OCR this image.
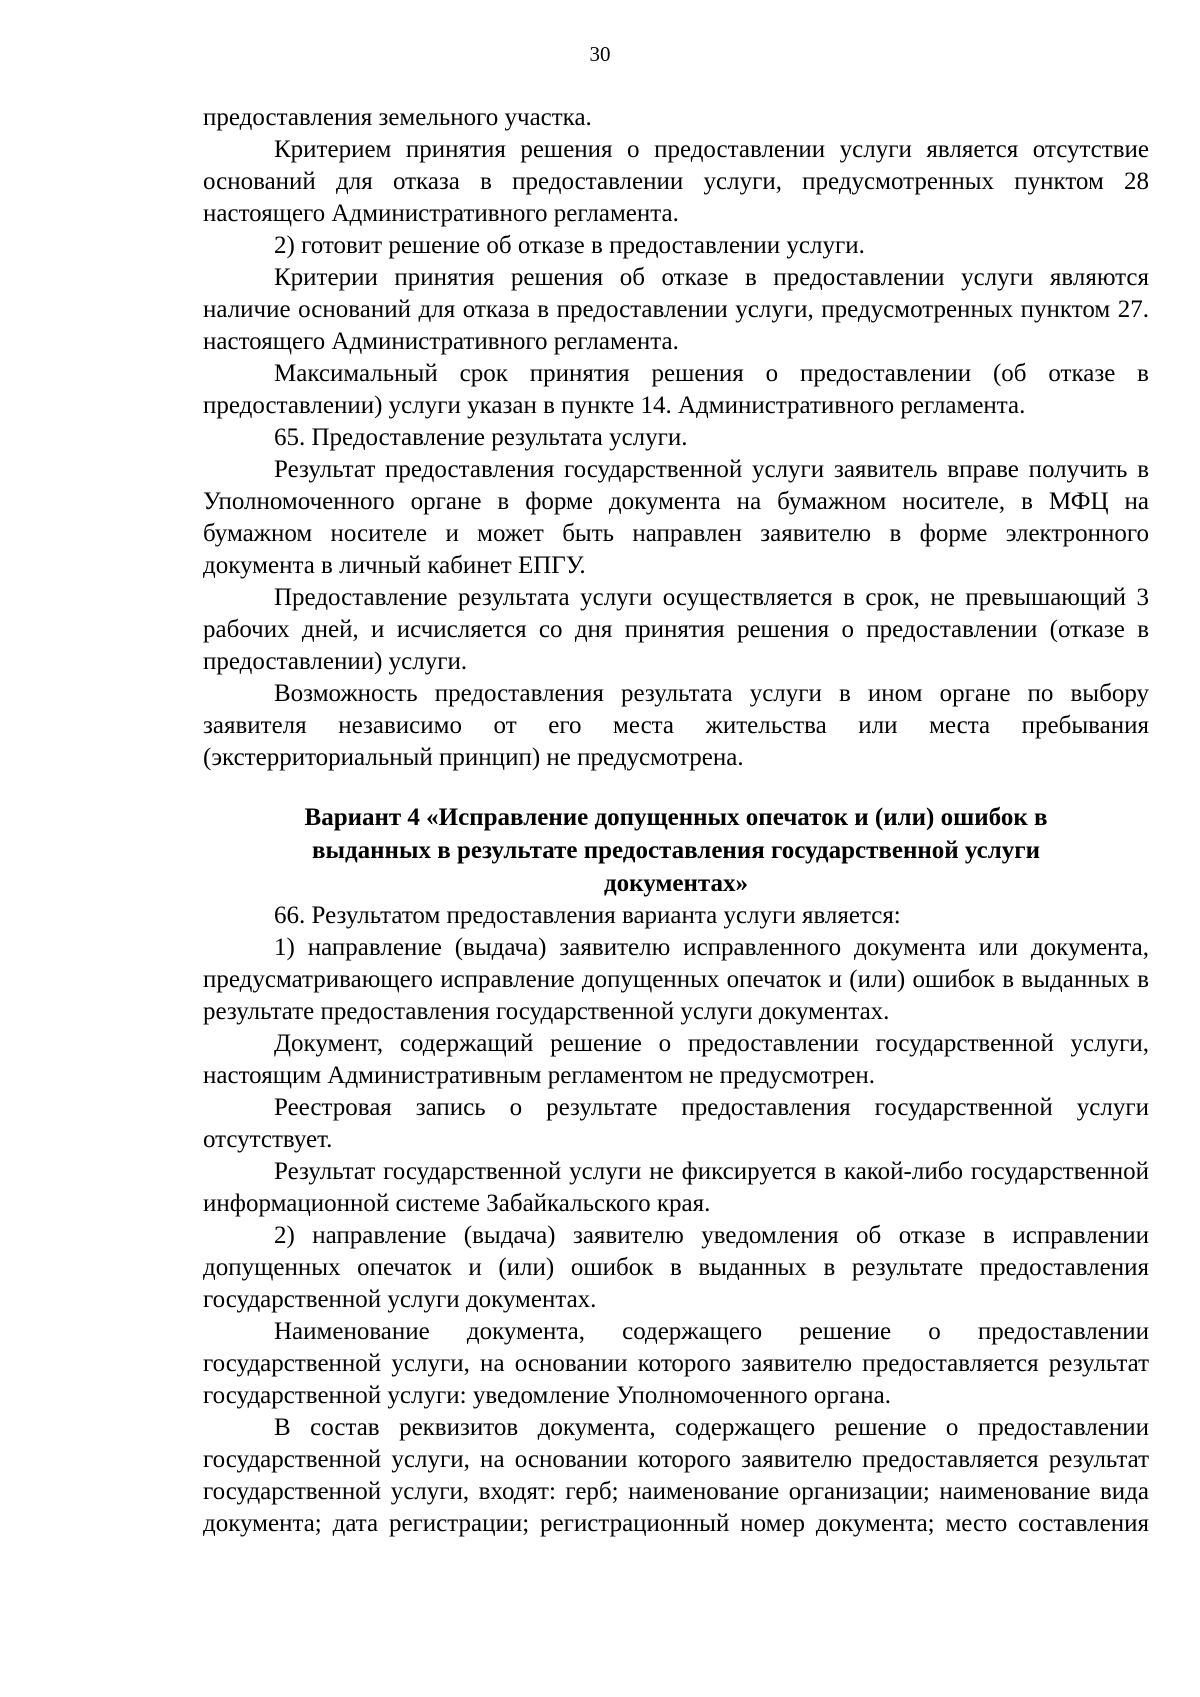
30

предоставления земельного участка.

Критерием принятия решения о предоставлении услуги является отсутствие оснований для отказа в предоставлении услуги, предусмотренных пунктом 28 настоящего Административного регламента.

2) готовит решение об отказе в предоставлении услуги.

Критерии принятия решения об отказе в предоставлении услуги являются наличие оснований для отказа в предоставлении услуги, предусмотренных пунктом 27. настоящего Административного регламента.

Максимальный срок принятия решения о предоставлении (об отказе в предоставлении) услуги указан в пункте 14. Административного регламента.

65. Предоставление результата услуги.

Результат предоставления государственной услуги заявитель вправе получить в Уполномоченного органе в форме документа на бумажном носителе, в МФЦ на бумажном носителе и может быть направлен заявителю в форме электронного документа в личный кабинет ЕПГУ.

Предоставление результата услуги осуществляется в срок, не превышающий 3 рабочих дней, и исчисляется со дня принятия решения о предоставлении (отказе в предоставлении) услуги.

Возможность предоставления результата услуги в ином органе по выбору заявителя независимо от его места жительства или места пребывания (экстерриториальный принцип) не предусмотрена.

Вариант 4 «Исправление допущенных опечаток и (или) ошибок в
выданных в результате предоставления государственной услуги
документах»

66. Результатом предоставления варианта услуги является:

1) направление (выдача) заявителю исправленного документа или документа, предусматривающего исправление допущенных опечаток и (или) ошибок в выданных в результате предоставления государственной услуги документах.

Документ, содержащий решение о предоставлении государственной услуги, настоящим Административным регламентом не предусмотрен.

Реестровая запись о результате предоставления государственной услуги отсутствует.

Результат государственной услуги не фиксируется в какой-либо государственной информационной системе Забайкальского края.

2) направление (выдача) заявителю уведомления об отказе в исправлении допущенных опечаток и (или) ошибок в выданных в результате предоставления государственной услуги документах.

Наименование документа, содержащего решение о предоставлении государственной услуги, на основании которого заявителю предоставляется результат государственной услуги: уведомление Уполномоченного органа.

В состав реквизитов документа, содержащего решение о предоставлении государственной услуги, на основании которого заявителю предоставляется результат государственной услуги, входят: герб; наименование организации; наименование вида документа; дата регистрации; регистрационный номер документа; место составления
